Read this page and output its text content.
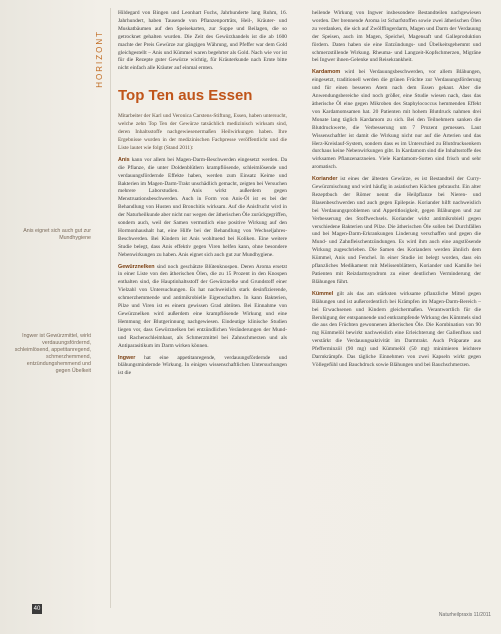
HORIZONT
Anis eignet sich auch gut zur Mundhygiene
Ingwer ist Gewürzmittel, wirkt verdauungsfördernd, schleimlösend, appetitanregend, schmerzhemmend, entzündungshemmend und gegen Übelkeit

Hildegard von Bingen und Leonhart Fuchs, Jahrhunderte lang Ruhm, 16. Jahrhundert, haben Tausende von Pflanzenporträts, Heil-, Kräuter- und Muskatbäumen auf den Speisekarten, zur Suppe und Beilagen, die so getrocknet gehalten wurden. Die Zeit des Gewürzhandels ist die ab 1600 machte der Preis Gewürze zur gängigen Währung, und Pfeffer war dem Gold gleichgestellt – Anis und Kümmel waren begehrter als Gold. Nach wie vor ist für die Rezepte guter Gewürze wichtig, für Kräuterkunde nach Ernte bitte nicht einfach alle Kräuter auf einmal ernten.

Top Ten aus Essen

Mitarbeiter der Karl und Veronica Carstens-Stiftung, Essen, haben untersucht, welche zehn Top Ten der Gewürze tatsächlich medizinisch wirksam sind, deren Inhaltsstoffe nachgewiesenermaßen Heilwirkungen haben. Ihre Ergebnisse wurden in der medizinischen Fachpresse veröffentlicht und die Liste lautet wie folgt (Stand 2011):

Anis kann vor allem bei Magen-Darm-Beschwerden eingesetzt werden. Da die Pflanze, die unter Doldenblütlern krampflösende, schleimlösende und verdauungsfördernde Effekte haben, werden zum Einsatz Keime und Bakterien im Magen-Darm-Trakt unschädlich gemacht, zeigten bei Versuchen mehrere Laborstudien. Anis wirkt außerdem gegen Menstruationsbeschwerden. Auch in Form von Anis-Öl ist es bei der Behandlung von Husten und Bronchitis wirksam. Auf die Anisfrucht wird in der Naturheilkunde aber nicht nur wegen der ätherischen Öle zurückgegriffen, sondern auch, weil der Samen vermutlich eine positive Wirkung auf den Hormonhaushalt hat, eine Hilfe bei der Behandlung von Wechseljahres-Beschwerden. Bei Kindern ist Anis wohltuend bei Koliken. Eine weitere Studie belegt, dass Anis effektiv gegen Viren helfen kann, ohne besondere Nebenwirkungen zu haben. Anis eignet sich auch gut zur Mundhygiene.

Gewürznelken sind noch geschätzte Blütenknospen. Deren Aroma ersetzt in einer Liste von den ätherischen Ölen, die zu 15 Prozent in den Knospen enthalten sind, die Hauptinhaltsstoff der Gewürznelke und Grundstoff einer Vielzahl von Untersuchungen. Es hat nachweislich stark desinfizierende, schmerzhemmende und antimikrobielle Eigenschaften. In kann Bakterien, Pilze und Viren ist es einem gewissen Grad abtöten. Bei Einnahme von Gewürznelken wird außerdem eine krampflösende Wirkung und eine Hemmung der Blutgerinnung nachgewiesen. Eindeutige klinische Studien liegen vor, dass Gewürznelken bei entzündlichen Veränderungen der Mund- und Rachenschleimhaut, als Schmerzmittel bei Zahnschmerzen und als Antiparasitikum im Darm wirken können.

Ingwer hat eine appetitanregende, verdauungsfördernde und blähungsmindernde Wirkung. In einigen wissenschaftlichen Untersuchungen ist die

heilende Wirkung von Ingwer insbesondere Bestandteilen nachgewiesen worden. Der brennende Aroma ist Scharfstoffen sowie zwei ätherischen Ölen zu verdanken, die sich auf Zwölffingerdarm, Magen und Darm der Verdauung der Speisen, auch im Magen, Speichel, Magensaft und Galleproduktion fördern. Daten haben sie eine Entzündungs- und Übelkeitsgehemmt und schmerzstillende Wirkung. Rheuma- und Langzeit-Kopfschmerzen, Migräne bei Ingwer ihnen-Gelenke und Reisekrankheit.

Kardamom wird bei Verdauungsbeschwerden, vor allem Blähungen, eingesetzt, traditionell werden die grünen Früchte zur Verdauungsförderung und für einen besseren Atem nach dem Essen gekaut. Aber die Anwendungsbereiche sind noch größer, eine Studie wiesen nach, dass das ätherische Öl eine gegen Mikroben des Staphylococcus hemmenden Effekt von Kardamomsamen hat. 20 Patienten mit hohem Blutdruck nahmen drei Monate lang täglich Kardamom zu sich. Bei den Teilnehmern sanken die Blutdruckwerte, die Verbesserung um 7 Prozent gemessen. Laut Wissenschaftler ist damit die Wirkung nicht nur auf die Arterien und das Herz-Kreislauf-System, sondern dass es im Unterschied zu Blutdrucksenkern durchaus keine Nebenwirkungen gibt. In Kardamom sind die Inhaltsstoffe des wirksamen Pflanzenarzneien. Viele Kardamom-Sorten sind frisch und sehr aromatisch.

Koriander ist eines der ältesten Gewürze, es ist Bestandteil der Curry-Gewürzmischung und wird häufig in asiatischen Küchen gebraucht. Ein alter Rezeptbuch der Römer nennt die Heilpflanze bei Nieren- und Blasenbeschwerden und auch gegen Epilepsie. Koriander hilft nachweislich bei Verdauungsproblemen und Appetitlosigkeit, gegen Blähungen und zur Verbesserung des Stoffwechsels. Koriander wirkt antimikrobiell gegen verschiedene Bakterien und Pilze. Die ätherischen Öle sollen bei Durchfällen und bei Magen-Darm-Erkrankungen Linderung verschaffen und gegen die Mund- und Zahnfleischentzündungen. Es wird ihm auch eine angstlösende Wirkung zugeschrieben. Die Samen des Korianders werden ähnlich dem Kümmel, Anis und Fenchel. In einer Studie ist belegt worden, dass ein pflanzliches Medikament mit Melissenblättern, Koriander und Kamille bei Patienten mit Reizdarmsyndrom zu einer deutlichen Verminderung der Blähungen führt.

Kümmel gilt als das am stärksten wirksame pflanzliche Mittel gegen Blähungen und ist außerordentlich bei Krämpfen im Magen-Darm-Bereich – bei Erwachsenen und Kindern gleichermaßen. Verantwortlich für die Beruhigung der entspannende und entkrampfende Wirkung des Kümmels sind die aus den Früchten gewonnenen ätherischen Öle. Die Kombination von 90 mg Kümmelöl bewirkt nachweislich eine Erleichterung der Gallenfluss und verstärkt die Verdauungsaktivität im Darmtrakt. Auch Präparate aus Pfefferminzöl (90 mg) und Kümmelöl (50 mg) minimieren leichtere Darmkrämpfe. Das tägliche Einnehmen von zwei Kapseln wirkt gegen Völlegefühl und Bauchdruck sowie Blähungen und bei Bauchschmerzen.

40
Naturheilpraxis 11/2011
